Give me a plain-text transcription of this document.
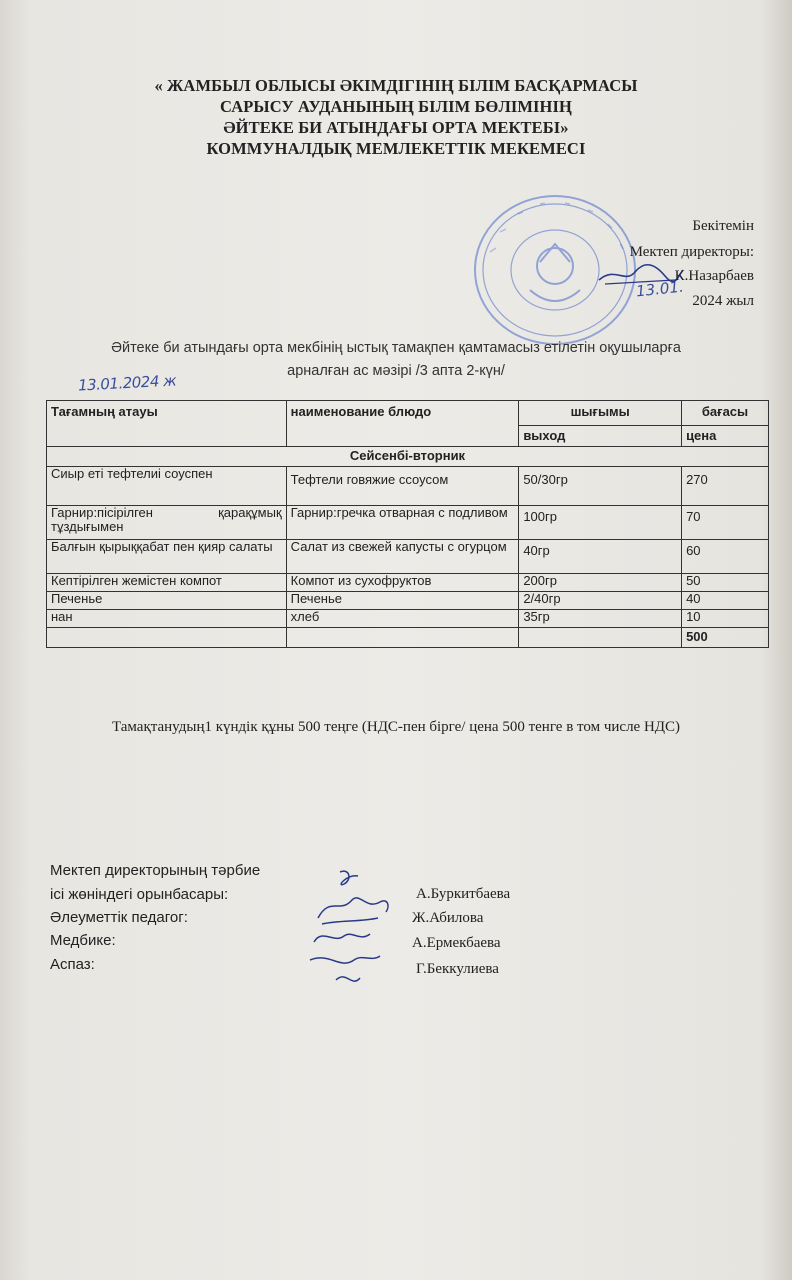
« ЖАМБЫЛ ОБЛЫСЫ ӘКІМДІГІНІҢ БІЛІМ БАСҚАРМАСЫ
САРЫСУ АУДАНЫНЫҢ БІЛІМ БӨЛІМІНІҢ
ӘЙТЕКЕ БИ АТЫНДАҒЫ ОРТА МЕКТЕБІ»
КОММУНАЛДЫҚ МЕМЛЕКЕТТІК МЕКЕМЕСІ
Бекітемін
Мектеп директоры:
К.Назарбаев
13.01.
2024 жыл
Әйтеке би атындағы орта мекбінің ыстық тамақпен қамтамасыз етілетін оқушыларға
арналған ас мәзірі /3 апта 2-күн/
13.01.2024 ж
Тағамның атауы	наименование блюдо	шығымы	бағасы
		выход	цена
Сейсенбі-вторник			
Сиыр еті тефтелиі соуспен	Тефтели говяжие ссоусом	50/30гр	270
Гарнир:пісірілген қарақұмық тұздығымен	Гарнир:гречка отварная с подливом	100гр	70
Балғын қырыққабат пен қияр салаты	Салат из свежей капусты с огурцом	40гр	60
Кептірілген жемістен компот	Компот из сухофруктов	200гр	50
Печенье	Печенье	2/40гр	40
нан	хлеб	35гр	10
			500
Тамақтанудың1 күндік құны 500 теңге (НДС-пен бірге/ цена 500 тенге в том числе НДС)
Мектеп директорының тәрбие
ісі жөніндегі орынбасары:	А.Буркитбаева
Әлеуметтік педагог:	Ж.Абилова
Медбике:	А.Ермекбаева
Аспаз:	Г.Беккулиева
